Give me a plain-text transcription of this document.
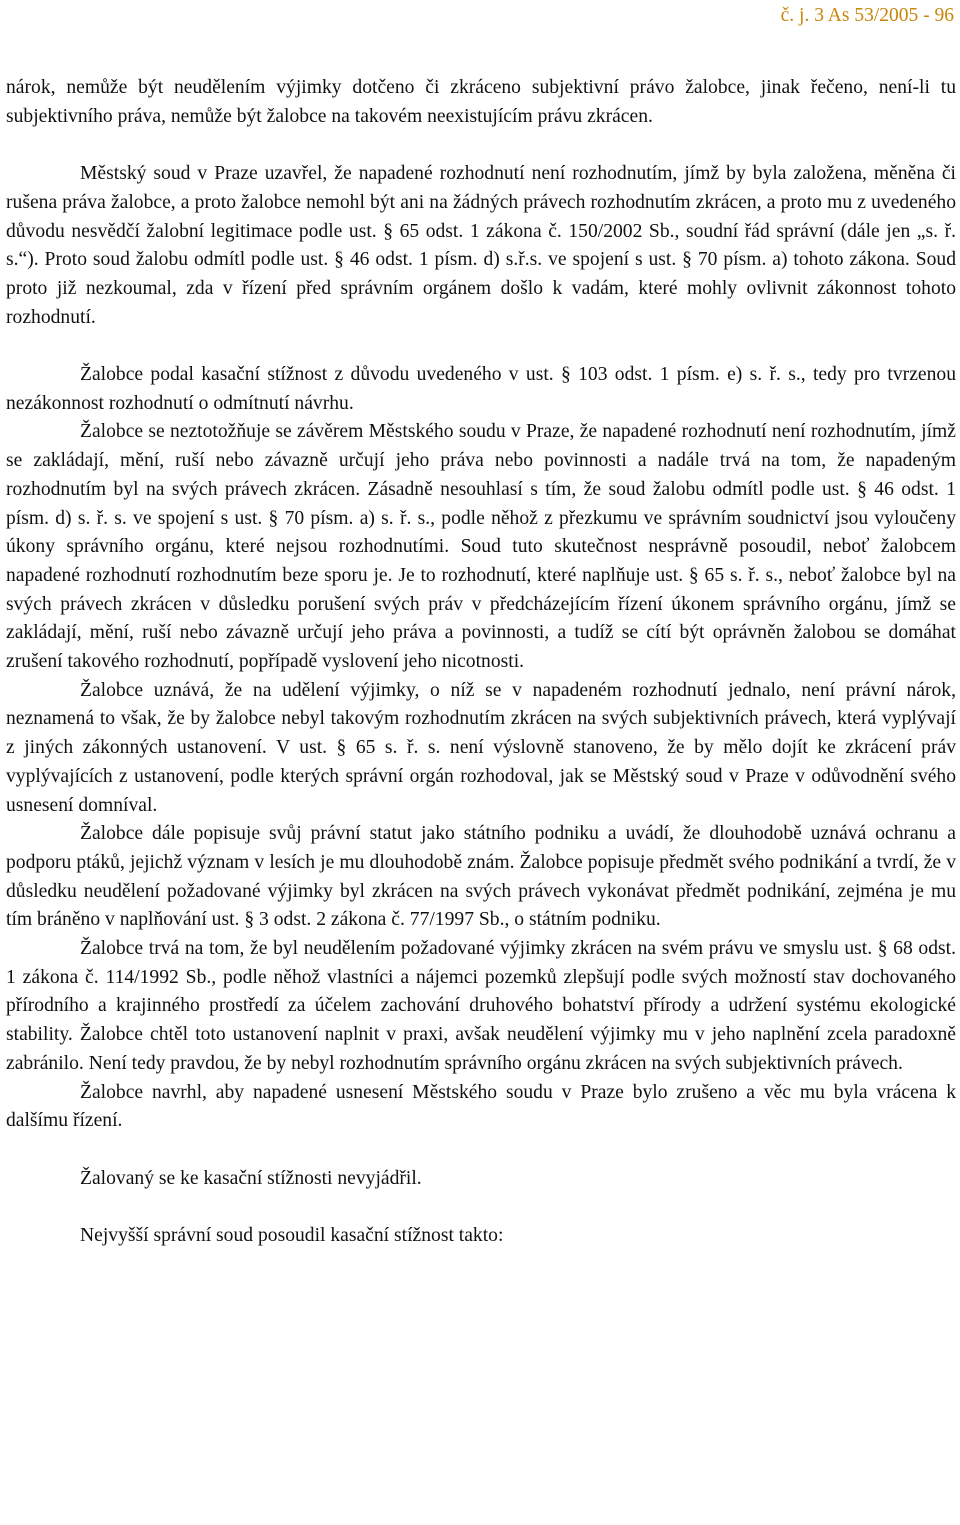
č. j. 3 As 53/2005 - 96

nárok, nemůže být neudělením výjimky dotčeno či zkráceno subjektivní právo žalobce, jinak řečeno, není-li tu subjektivního práva, nemůže být žalobce na takovém neexistujícím právu zkrácen.

Městský soud v Praze uzavřel, že napadené rozhodnutí není rozhodnutím, jímž by byla založena, měněna či rušena práva žalobce, a proto žalobce nemohl být ani na žádných právech rozhodnutím zkrácen, a proto mu z uvedeného důvodu nesvědčí žalobní legitimace podle ust. § 65 odst. 1 zákona č. 150/2002 Sb., soudní řád správní (dále jen „s. ř. s.“). Proto soud žalobu odmítl podle ust. § 46 odst. 1 písm. d) s.ř.s. ve spojení s ust. § 70 písm. a) tohoto zákona. Soud proto již nezkoumal, zda v řízení před správním orgánem došlo k vadám, které mohly ovlivnit zákonnost tohoto rozhodnutí.

Žalobce podal kasační stížnost z důvodu uvedeného v ust. § 103 odst. 1 písm. e) s. ř. s., tedy pro tvrzenou nezákonnost rozhodnutí o odmítnutí návrhu.

Žalobce se neztotožňuje se závěrem Městského soudu v Praze, že napadené rozhodnutí není rozhodnutím, jímž se zakládají, mění, ruší nebo závazně určují jeho práva nebo povinnosti a nadále trvá na tom, že napadeným rozhodnutím byl na svých právech zkrácen. Zásadně nesouhlasí s tím, že soud žalobu odmítl podle ust. § 46 odst. 1 písm. d) s. ř. s. ve spojení s ust. § 70 písm. a) s. ř. s., podle něhož z přezkumu ve správním soudnictví jsou vyloučeny úkony správního orgánu, které nejsou rozhodnutími. Soud tuto skutečnost nesprávně posoudil, neboť žalobcem napadené rozhodnutí rozhodnutím beze sporu je. Je to rozhodnutí, které naplňuje ust. § 65 s. ř. s., neboť žalobce byl na svých právech zkrácen v důsledku porušení svých práv v předcházejícím řízení úkonem správního orgánu, jímž se zakládají, mění, ruší nebo závazně určují jeho práva a povinnosti, a tudíž se cítí být oprávněn žalobou se domáhat zrušení takového rozhodnutí, popřípadě vyslovení jeho nicotnosti.

Žalobce uznává, že na udělení výjimky, o níž se v napadeném rozhodnutí jednalo, není právní nárok, neznamená to však, že by žalobce nebyl takovým rozhodnutím zkrácen na svých subjektivních právech, která vyplývají z jiných zákonných ustanovení. V ust. § 65 s. ř. s. není výslovně stanoveno, že by mělo dojít ke zkrácení práv vyplývajících z ustanovení, podle kterých správní orgán rozhodoval, jak se Městský soud v Praze v odůvodnění svého usnesení domníval.

Žalobce dále popisuje svůj právní statut jako státního podniku a uvádí, že dlouhodobě uznává ochranu a podporu ptáků, jejichž význam v lesích je mu dlouhodobě znám. Žalobce popisuje předmět svého podnikání a tvrdí, že v důsledku neudělení požadované výjimky byl zkrácen na svých právech vykonávat předmět podnikání, zejména je mu tím bráněno v naplňování ust. § 3 odst. 2 zákona č. 77/1997 Sb., o státním podniku.

Žalobce trvá na tom, že byl neudělením požadované výjimky zkrácen na svém právu ve smyslu ust. § 68 odst. 1 zákona č. 114/1992 Sb., podle něhož vlastníci a nájemci pozemků zlepšují podle svých možností stav dochovaného přírodního a krajinného prostředí za účelem zachování druhového bohatství přírody a udržení systému ekologické stability. Žalobce chtěl toto ustanovení naplnit v praxi, avšak neudělení výjimky mu v jeho naplnění zcela paradoxně zabránilo. Není tedy pravdou, že by nebyl rozhodnutím správního orgánu zkrácen na svých subjektivních právech.

Žalobce navrhl, aby napadené usnesení Městského soudu v Praze bylo zrušeno a věc mu byla vrácena k dalšímu řízení.

Žalovaný se ke kasační stížnosti nevyjádřil.

Nejvyšší správní soud posoudil kasační stížnost takto:
